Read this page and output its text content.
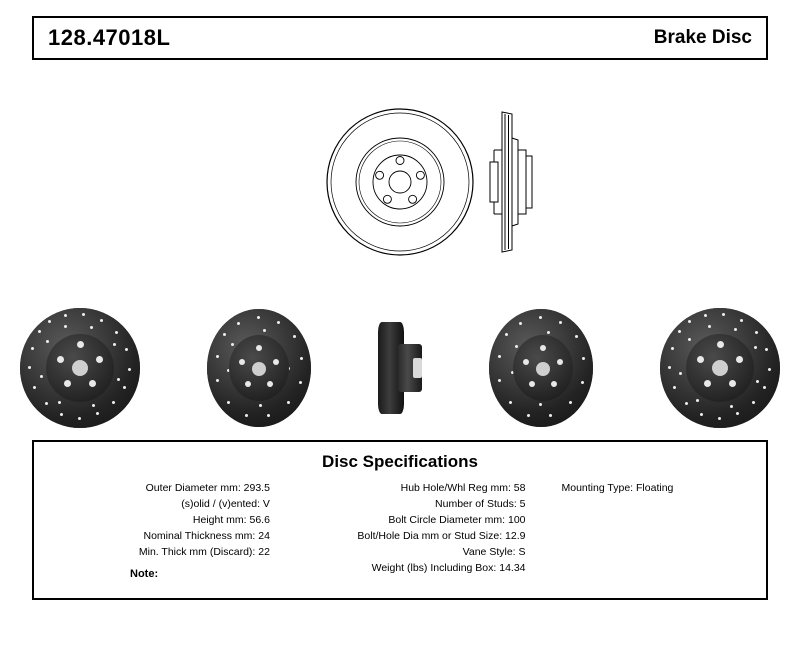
128.47018L	Brake Disc
Disc Specifications
Outer Diameter mm: 293.5
(s)olid / (v)ented: V
Height mm: 56.6
Nominal Thickness mm: 24
Min. Thick mm (Discard): 22
Hub Hole/Whl Reg mm: 58
Number of Studs: 5
Bolt Circle Diameter mm: 100
Bolt/Hole Dia mm or Stud Size: 12.9
Vane Style: S
Weight (lbs) Including Box: 14.34
Mounting Type: Floating
Note:
